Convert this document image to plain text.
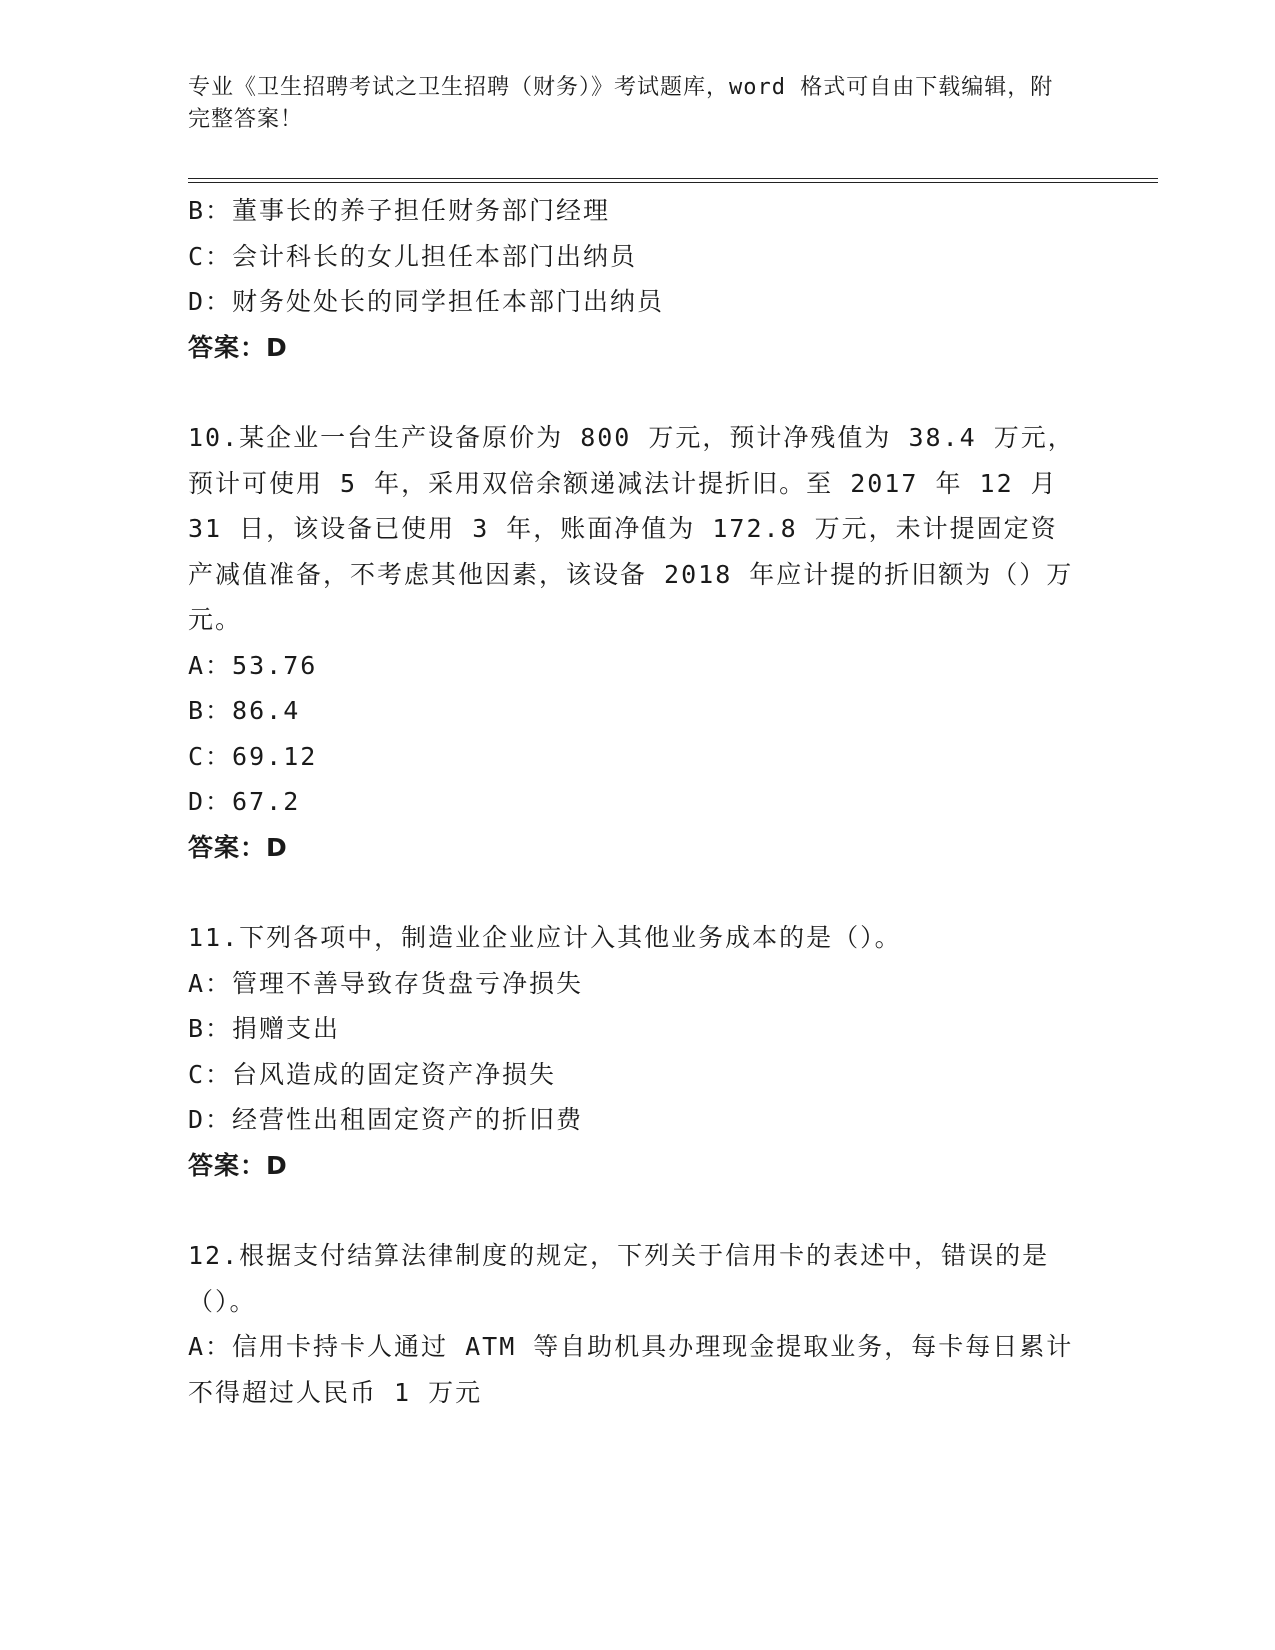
专业《卫生招聘考试之卫生招聘（财务）》考试题库，word 格式可自由下载编辑，附完整答案！
B：董事长的养子担任财务部门经理
C：会计科长的女儿担任本部门出纳员
D：财务处处长的同学担任本部门出纳员
答案：D
10.某企业一台生产设备原价为 800 万元，预计净残值为 38.4 万元，预计可使用 5 年，采用双倍余额递减法计提折旧。至 2017 年 12 月 31 日，该设备已使用 3 年，账面净值为 172.8 万元，未计提固定资产减值准备，不考虑其他因素，该设备 2018 年应计提的折旧额为（）万元。
A：53.76
B：86.4
C：69.12
D：67.2
答案：D
11.下列各项中，制造业企业应计入其他业务成本的是（）。
A：管理不善导致存货盘亏净损失
B：捐赠支出
C：台风造成的固定资产净损失
D：经营性出租固定资产的折旧费
答案：D
12.根据支付结算法律制度的规定，下列关于信用卡的表述中，错误的是（）。
A：信用卡持卡人通过 ATM 等自助机具办理现金提取业务，每卡每日累计不得超过人民币 1 万元
